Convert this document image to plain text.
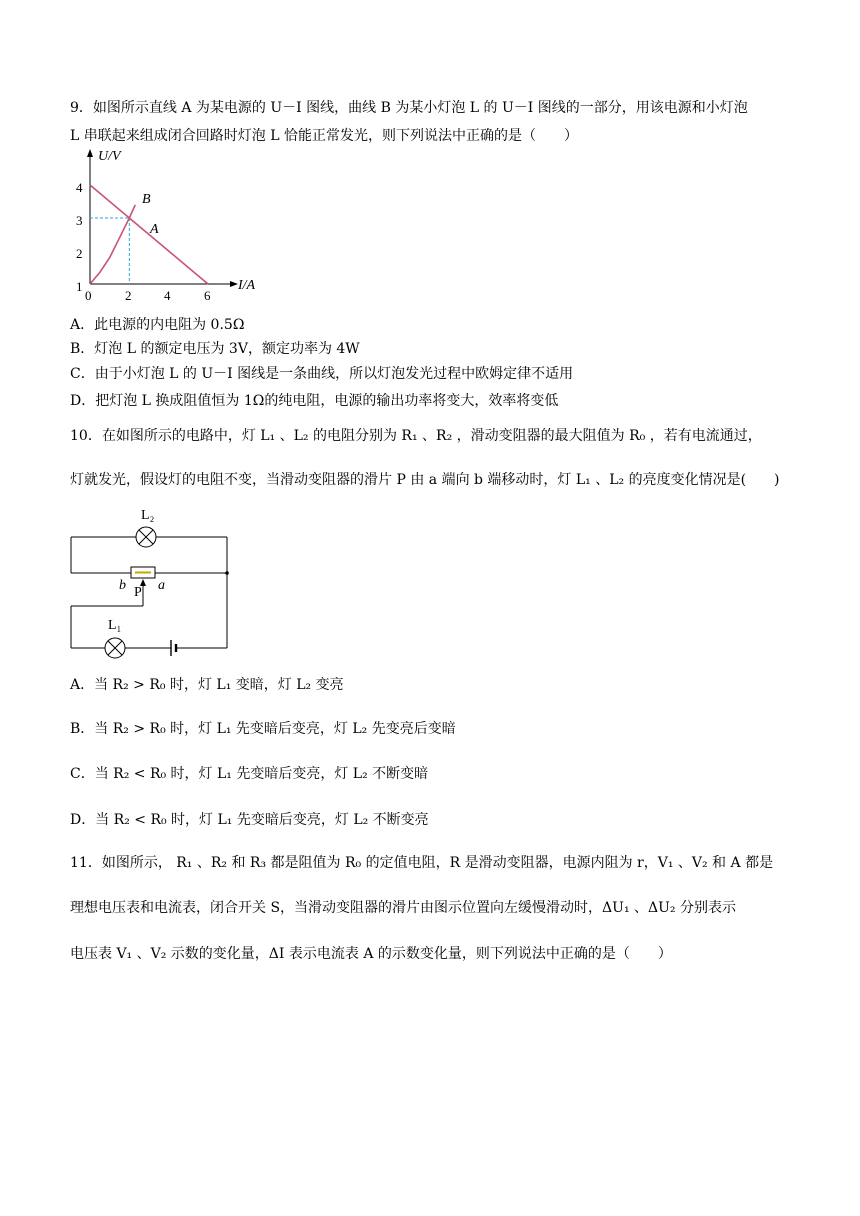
9．如图所示直线 A 为某电源的 U－I 图线，曲线 B 为某小灯泡 L 的 U－I 图线的一部分，用该电源和小灯泡
L 串联起来组成闭合回路时灯泡 L 恰能正常发光，则下列说法中正确的是（　　）
U/V
I/A
4
3
2
1
0	2	4	6
B
A
A．此电源的内电阻为 0.5Ω
B．灯泡 L 的额定电压为 3V，额定功率为 4W
C．由于小灯泡 L 的 U－I 图线是一条曲线，所以灯泡发光过程中欧姆定律不适用
D．把灯泡 L 换成阻值恒为 1Ω的纯电阻，电源的输出功率将变大，效率将变低
10．在如图所示的电路中，灯 L₁ 、L₂ 的电阻分别为 R₁ 、R₂ ，滑动变阻器的最大阻值为 R₀ ，若有电流通过，
灯就发光，假设灯的电阻不变，当滑动变阻器的滑片 P 由 a 端向 b 端移动时，灯 L₁ 、L₂ 的亮度变化情况是(　　)
L₂
b a
P
L₁
A．当 R₂ > R₀ 时，灯 L₁ 变暗，灯 L₂ 变亮
B．当 R₂ > R₀ 时，灯 L₁ 先变暗后变亮，灯 L₂ 先变亮后变暗
C．当 R₂ < R₀ 时，灯 L₁ 先变暗后变亮，灯 L₂ 不断变暗
D．当 R₂ < R₀ 时，灯 L₁ 先变暗后变亮，灯 L₂ 不断变亮
11．如图所示， R₁ 、R₂ 和 R₃ 都是阻值为 R₀ 的定值电阻，R 是滑动变阻器，电源内阻为 r，V₁ 、V₂ 和 A 都是
理想电压表和电流表，闭合开关 S，当滑动变阻器的滑片由图示位置向左缓慢滑动时，ΔU₁ 、ΔU₂ 分别表示
电压表 V₁ 、V₂ 示数的变化量，ΔI 表示电流表 A 的示数变化量，则下列说法中正确的是（　　）
